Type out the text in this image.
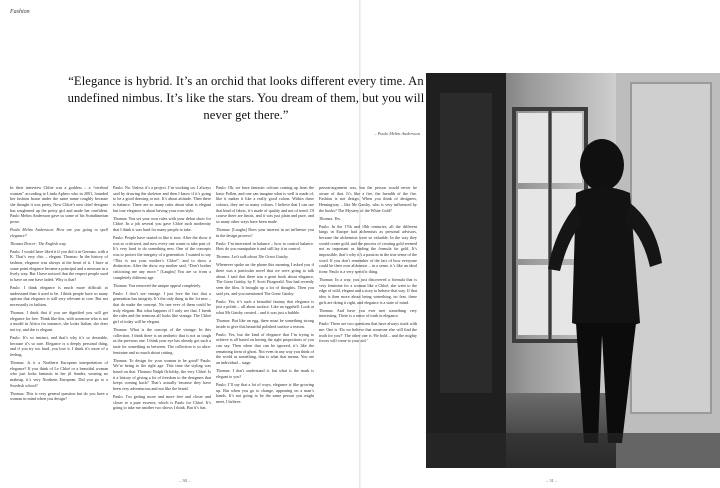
Fashion
“Elegance is hybrid. It’s an orchid that looks different every time. An undefined nimbus. It’s like the stars. You dream of them, but you will never get there.”
– Paulo Melim Andersson

In their interview Chloé was a goddess – a “cerebral woman” according to Linda Aphros who in 2001, founded her fashion house under the same name roughly because she thought it was pretty. Now Chloé’s new chief designer has toughened up the pretty girl and made her confident. Paulo Melim Andersson gave us some of his Scandinavian prose.

Paulo Melim Andersson: How are you going to spell elegance?

Thomas Drecer: The English way.

Paulo: I would have liked it if you did it in German, with a K. That’s very chic – elegant. Thomas: In the history of fashion, elegance was always at the heart of it. I have at some point elegance became a principal and a measure in a lively way. But I have noticed that the respect people used to have on one have faded. Why is that?

Paulo: I think elegance is much more difficult to understand than it used to be. I think people have so many options that elegance is still very relevant at core. But not necessarily in fashion.

Thomas: I think that if you are dignified you will get elegance for free. Think like this, with someone who is not a model in Africa for instance, she looks Italian, she does not try, and she is elegant.

Paulo: It’s so instinct, and that’s why it’s so desirable, because it’s so rare. Elegance is a deeply personal thing, and if you try too hard, you lose it. I think it’s more of a feeling.

Thomas: Is it a Northern European interpretation of elegance? If you think of Le Chloé or a beautiful woman who just looks fantastic in her jil Sander, wearing no makeup, it’s very Northern European. Did you go to a Swedish school?

Thomas: This is very general question but do you have a woman in mind when you design?

Paulo: No. Unless it’s a project. I’m working on. I always said by drawing the skeleton and then I know if it’s going to be a good drawing or not. It’s about attitude. Then there is balance. There are so many rules about what is elegant but true elegance is about having your own style.

Thomas: You set your own rules with your debut show for Chloé. In a job several you gave Chloé such modernity that I think it was hard for many people to take.

Paulo: People have started to like it now. After the show it was so criticized, and now every one wants to take part of. It’s very hard to do something new. One of the concepts was to protect the integrity of a generation. I wanted to say “This is not your mother’s Chloé”, and to show a distinction. After the show, my mother said, “Don’t bother criticizing me any more.” [Laughs] You are so from a completely different age.

Thomas: You removed the unique appeal completely.

Paulo: I don’t see vintage. I just love the fact that a generation has integrity. It’s the only thing in the 1st new – that do make the concept. No one ever of them could be truly elegant. But what happens if I only see that. I break the rules and the tensions all looks like vintage. The Chloé girl of today will be elegant.

Thomas: What is the concept of the vintage. In this collection, I think there is an aesthetic that is not as tough as the previous one. I think your eye has already got such a taste for something as between. The collection is so ultra-feminine and so much about cutting.

Thomas: To design for your woman to be good? Paulo: We’re being to the right age. This time the styling was based on that. Thomas: Ralph Orlofsky, the very Chloé. Is it a history of giving a lot of freedom to the designers that keeps coming back? That’s actually because they have been very adventurous and not like the brand.

Paulo: I’m getting more and more free and closer and closer to a pure essence, which is Paulo for Chloé. It’s going to take me another two shows I think. But it’s fun.

Paulo: Oh, we have fantastic colours coming up from the basic Pollen, and one can imagine what is well is made of, like it makes it like a really good colour. Within these colours, they are so many colours. I believe that I can use that kind of fabric, it’s made of quality and not of trend. Of course there are limits, and it was just plain and pure, and so many other ways have been made.

Thomas: [Laughs] Does your interest in art influence you in the design process?

Paulo: I’m interested in balance – how to control balance. How do you manipulate it and still lay it in control.

Thomas: Let’s talk about The Great Gatsby.

Whenever spoke on the phone this morning I asked you if there was a particular novel that we were going to talk about. I said that there was a great book about elegance, The Great Gatsby, by F. Scott Fitzgerald. You had recently seen the film. It brought up a lot of thoughts. Then you said yes, and you mentioned The Great Gatsby.

Paulo: Yes, it’s such a beautiful fantasy that elegance is just a polish – all about surface. Like an eggshell. Look at what Mr Gatsby created – and it was just a bubble.

Thomas: But like an egg, there must be something strong inside to give this beautiful polished surface a reason.

Paulo: Yes, but the kind of elegance that I’m trying to achieve is all based on having the right proportions of you can say. Then when that can be ignored, it’s like the remaining form of ghost. Not even in any way you think of the world as something, that is what that means. You are an individual – stage.

Thomas: I don’t understand it, but what is the mark is elegant to you?

Paulo: I’ll say that a lot of ways, elegance is like growing up. But when you go to change, appearing on a man’s hands. It’s not going to be the same person you might meet, I believe.

person-argument was, but the person would never be aware of that. It’s like a fire, the breadth of the fire. Fashion is not design. When you think of designers, Hemingway – like Mr Gatsby, who is very influenced by the books? The Mystery of the White Gold?

Thomas: Yes.

Paulo: In the 17th and 18th centuries, all the different kings in Europe had alchemists as personal advisors, because the alchemists were so valuable. In the way they would create gold, and the process of creating gold seemed not as important as finding the formula for gold. It’s impossible, that’s why it’s a passion in the true sense of the word. If you don’t remember of the fact of how everyone could be their own alchemist – in a sense, it’s like an ideal form: Paulo is a very specific thing.

Thomas: In a way, you just discovered a formula that is very feminine for a woman like a Chloé, she went to the edge of wild, elegant and a story to behave that way. If that idea is then more about being something, no fear, these girls are doing it right, and elegance is a state of mind.

Thomas: And have you ever met something very interesting. There is a sense of truth in elegance.

Paulo: There are two questions that have always stuck with me. One is ‘Do we believe that someone else will find the truth for you?’ The other one is ‘Be bold – and the mighty forces will come to your aid.’

– 30 –	– 31 –
